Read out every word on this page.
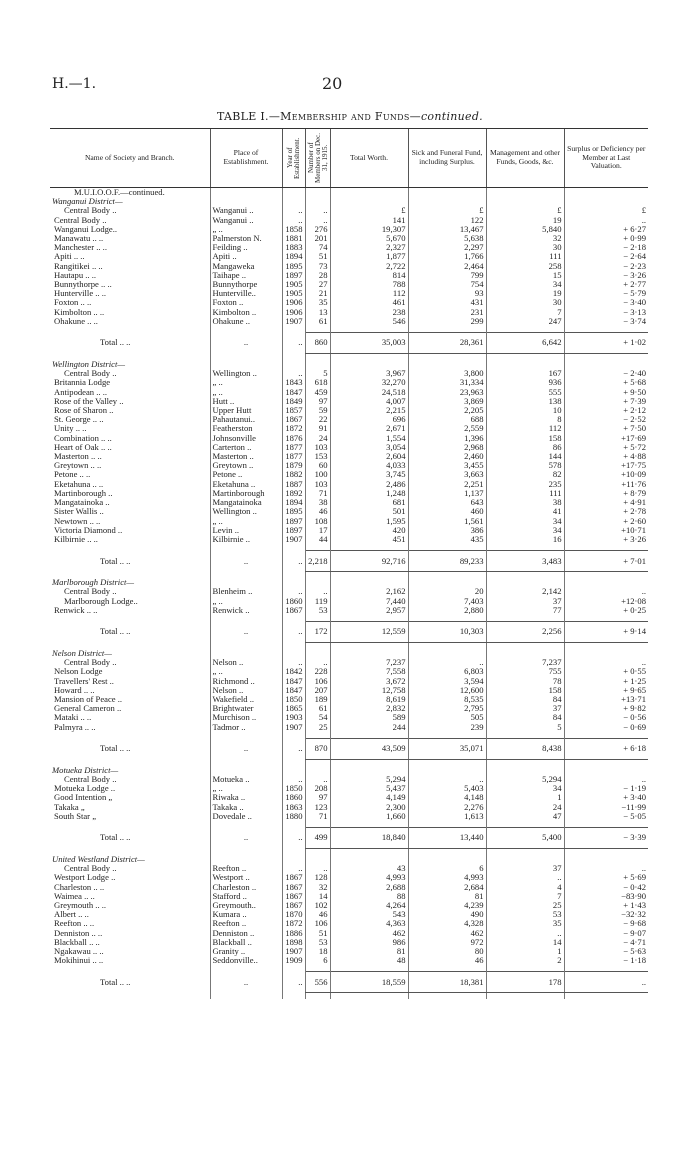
H.—1.	20
TABLE I.—Membership and Funds—continued.
Name of Society and Branch.	Place of Establishment.	Year of Establishment.	Number of Members on Dec. 31, 1915.	Total Worth.	Sick and Funeral Fund, including Surplus.	Management and other Funds, Goods, &c.	Surplus or Deficiency per Member at Last Valuation.
M.U.I.O.O.F.—continued.							
Wanganui District—							
Central Body ..	Wanganui ..	..	..	£	£	£	£
Central Body ..	Wanganui ..	..	..	141	122	19	..
Wanganui Lodge..	„ ..	1858	276	19,307	13,467	5,840	+ 6·27
Manawatu .. ..	Palmerston N.	1881	201	5,670	5,638	32	+ 0·99
Manchester .. ..	Feilding ..	1883	74	2,327	2,297	30	− 2·18
Apiti .. ..	Apiti ..	1894	51	1,877	1,766	111	− 2·64
Rangitikei .. ..	Mangaweka	1895	73	2,722	2,464	258	− 2·23
Hautapu .. ..	Taihape ..	1897	28	814	799	15	− 3·26
Bunnythorpe .. ..	Bunnythorpe	1905	27	788	754	34	+ 2·77
Hunterville .. ..	Hunterville..	1905	21	112	93	19	− 5·79
Foxton .. ..	Foxton ..	1906	35	461	431	30	− 3·40
Kimbolton .. ..	Kimbolton ..	1906	13	238	231	7	− 3·13
Ohakune .. ..	Ohakune ..	1907	61	546	299	247	− 3·74

Total .. ..	..	..	860	35,003	28,361	6,642	+ 1·02

Wellington District—							
Central Body ..	Wellington ..	..	5	3,967	3,800	167	− 2·40
Britannia Lodge	„ ..	1843	618	32,270	31,334	936	+ 5·68
Antipodean .. ..	„ ..	1847	459	24,518	23,963	555	+ 9·50
Rose of the Valley ..	Hutt ..	1849	97	4,007	3,869	138	+ 7·39
Rose of Sharon ..	Upper Hutt	1857	59	2,215	2,205	10	+ 2·12
St. George .. ..	Pahautanui..	1867	22	696	688	8	− 2·52
Unity .. ..	Featherston	1872	91	2,671	2,559	112	+ 7·50
Combination .. ..	Johnsonville	1876	24	1,554	1,396	158	+17·69
Heart of Oak .. ..	Carterton ..	1877	103	3,054	2,968	86	+ 5·72
Masterton .. ..	Masterton ..	1877	153	2,604	2,460	144	+ 4·88
Greytown .. ..	Greytown ..	1879	60	4,033	3,455	578	+17·75
Petone .. ..	Petone ..	1882	100	3,745	3,663	82	+10·09
Eketahuna .. ..	Eketahuna ..	1887	103	2,486	2,251	235	+11·76
Martinborough ..	Martinborough	1892	71	1,248	1,137	111	+ 8·79
Mangatainoka ..	Mangatainoka	1894	38	681	643	38	+ 4·91
Sister Wallis ..	Wellington ..	1895	46	501	460	41	+ 2·78
Newtown .. ..	„ ..	1897	108	1,595	1,561	34	+ 2·60
Victoria Diamond ..	Levin ..	1897	17	420	386	34	+10·71
Kilbirnie .. ..	Kilbirnie ..	1907	44	451	435	16	+ 3·26

Total .. ..	..	..	2,218	92,716	89,233	3,483	+ 7·01

Marlborough District—							
Central Body ..	Blenheim ..	..	..	2,162	20	2,142	..
Marlborough Lodge..	„ ..	1860	119	7,440	7,403	37	+12·08
Renwick .. ..	Renwick ..	1867	53	2,957	2,880	77	+ 0·25

Total .. ..	..	..	172	12,559	10,303	2,256	+ 9·14

Nelson District—							
Central Body ..	Nelson ..	..	..	7,237	..	7,237	..
Nelson Lodge	„ ..	1842	228	7,558	6,803	755	+ 0·55
Travellers' Rest ..	Richmond ..	1847	106	3,672	3,594	78	+ 1·25
Howard .. ..	Nelson ..	1847	207	12,758	12,600	158	+ 9·65
Mansion of Peace ..	Wakefield ..	1850	189	8,619	8,535	84	+13·71
General Cameron ..	Brightwater	1865	61	2,832	2,795	37	+ 9·82
Mataki .. ..	Murchison ..	1903	54	589	505	84	− 0·56
Palmyra .. ..	Tadmor ..	1907	25	244	239	5	− 0·69

Total .. ..	..	..	870	43,509	35,071	8,438	+ 6·18

Motueka District—							
Central Body ..	Motueka ..	..	..	5,294	..	5,294	..
Motueka Lodge ..	„ ..	1850	208	5,437	5,403	34	− 1·19
Good Intention „	Riwaka ..	1860	97	4,149	4,148	1	+ 3·40
Takaka „	Takaka ..	1863	123	2,300	2,276	24	−11·99
South Star „	Dovedale ..	1880	71	1,660	1,613	47	− 5·05

Total .. ..	..	..	499	18,840	13,440	5,400	− 3·39

United Westland District—							
Central Body ..	Reefton ..	..	..	43	6	37	..
Westport Lodge ..	Westport ..	1867	128	4,993	4,993	..	+ 5·69
Charleston .. ..	Charleston ..	1867	32	2,688	2,684	4	− 0·42
Waimea .. ..	Stafford ..	1867	14	88	81	7	−83·90
Greymouth .. ..	Greymouth..	1867	102	4,264	4,239	25	+ 1·43
Albert .. ..	Kumara ..	1870	46	543	490	53	−32·32
Reefton .. ..	Reefton ..	1872	106	4,363	4,328	35	− 9·68
Denniston .. ..	Denniston ..	1886	51	462	462	..	− 9·07
Blackball .. ..	Blackball ..	1898	53	986	972	14	− 4·71
Ngakawau .. ..	Granity ..	1907	18	81	80	1	− 5·63
Mokihinui .. ..	Seddonville..	1909	6	48	46	2	− 1·18

Total .. ..	..	..	556	18,559	18,381	178	..
